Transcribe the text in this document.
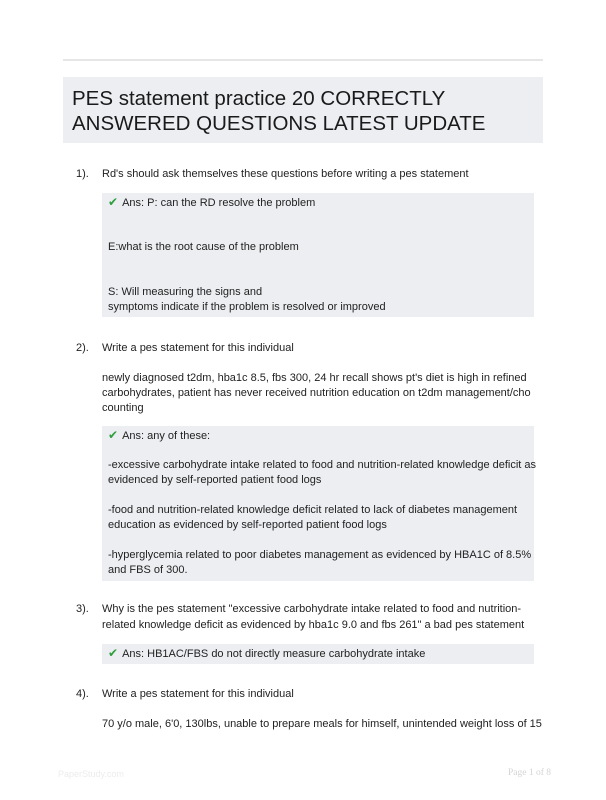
PES statement practice 20 CORRECTLY
ANSWERED QUESTIONS LATEST UPDATE
1). Rd's should ask themselves these questions before writing a pes statement
✔ Ans: P: can the RD resolve the problem
E:what is the root cause of the problem
S: Will measuring the signs and
symptoms indicate if the problem is resolved or improved
2). Write a pes statement for this individual
newly diagnosed t2dm, hba1c 8.5, fbs 300, 24 hr recall shows pt's diet is high in refined
carbohydrates, patient has never received nutrition education on t2dm management/cho
counting
✔ Ans: any of these:
-excessive carbohydrate intake related to food and nutrition-related knowledge deficit as
evidenced by self-reported patient food logs
-food and nutrition-related knowledge deficit related to lack of diabetes management
education as evidenced by self-reported patient food logs
-hyperglycemia related to poor diabetes management as evidenced by HBA1C of 8.5%
and FBS of 300.
3). Why is the pes statement "excessive carbohydrate intake related to food and nutrition-
related knowledge deficit as evidenced by hba1c 9.0 and fbs 261" a bad pes statement
✔ Ans: HB1AC/FBS do not directly measure carbohydrate intake
4). Write a pes statement for this individual
70 y/o male, 6'0, 130lbs, unable to prepare meals for himself, unintended weight loss of 15
PaperStudy.com	Page 1 of 8
